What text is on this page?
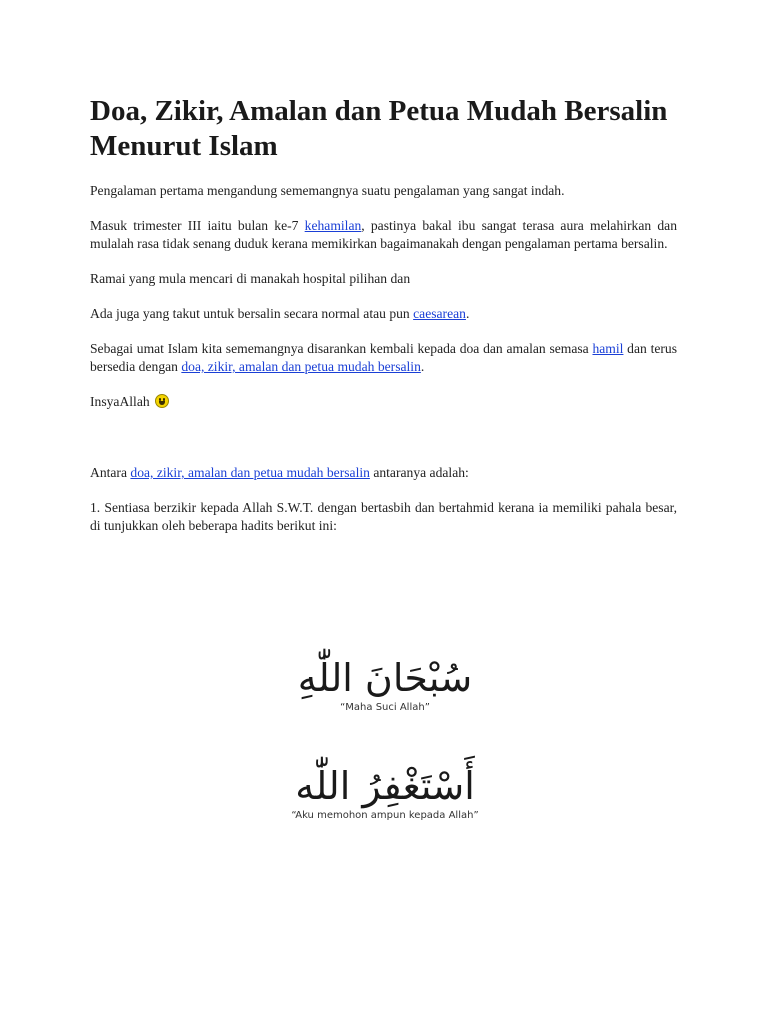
Doa, Zikir, Amalan dan Petua Mudah Bersalin Menurut Islam

Pengalaman pertama mengandung sememangnya suatu pengalaman yang sangat indah.

Masuk trimester III iaitu bulan ke-7 kehamilan, pastinya bakal ibu sangat terasa aura melahirkan dan mulalah rasa tidak senang duduk kerana memikirkan bagaimanakah dengan pengalaman pertama bersalin.

Ramai yang mula mencari di manakah hospital pilihan dan

Ada juga yang takut untuk bersalin secara normal atau pun caesarean.

Sebagai umat Islam kita sememangnya disarankan kembali kepada doa dan amalan semasa hamil dan terus bersedia dengan doa, zikir, amalan dan petua mudah bersalin.

InsyaAllah

Antara doa, zikir, amalan dan petua mudah bersalin antaranya adalah:

1. Sentiasa berzikir kepada Allah S.W.T. dengan bertasbih dan bertahmid kerana ia memiliki pahala besar, di tunjukkan oleh beberapa hadits berikut ini:

سُبْحَانَ اللّٰهِ
“Maha Suci Allah”
أَسْتَغْفِرُ اللّٰه
“Aku memohon ampun kepada Allah”
